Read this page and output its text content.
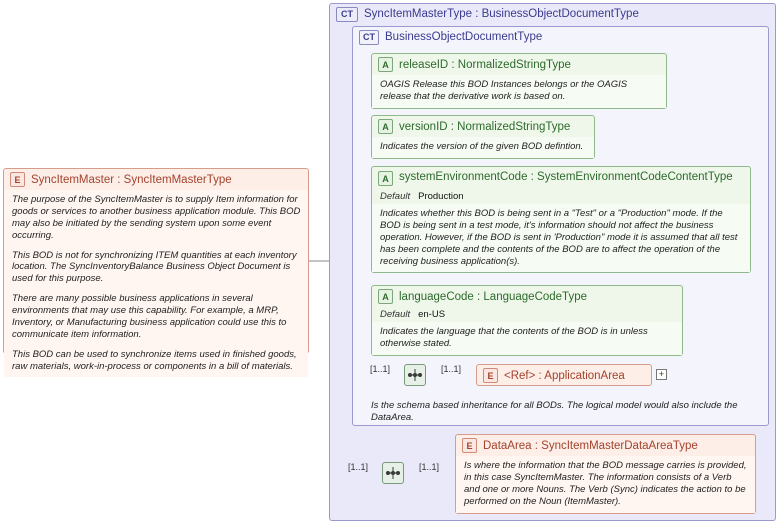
CT SyncItemMasterType : BusinessObjectDocumentType
CT BusinessObjectDocumentType
E SyncItemMaster : SyncItemMasterType

The purpose of the SyncItemMaster is to supply Item information for goods or services to another business application module. This BOD may also be initiated by the sending system upon some event occurring.

This BOD is not for synchronizing ITEM quantities at each inventory location. The SyncInventoryBalance Business Object Document is used for this purpose.

There are many possible business applications in several environments that may use this capability. For example, a MRP, Inventory, or Manufacturing business application could use this to communicate item information.

This BOD can be used to synchronize items used in finished goods, raw materials, work-in-process or components in a bill of materials.

A releaseID : NormalizedStringType
OAGIS Release this BOD Instances belongs or the OAGIS release that the derivative work is based on.
A versionID : NormalizedStringType
Indicates the version of the given BOD defintion.
A systemEnvironmentCode : SystemEnvironmentCodeContentType
Default Production
Indicates whether this BOD is being sent in a "Test" or a "Production" mode. If the BOD is being sent in a test mode, it's information should not affect the business operation. However, if the BOD is sent in 'Production" mode it is assumed that all test has been complete and the contents of the BOD are to affect the operation of the receiving business application(s).
A languageCode : LanguageCodeType
Default en-US
Indicates the language that the contents of the BOD is in unless otherwise stated.
[1..1]	[1..1]
E <Ref> : ApplicationArea	+
Is the schema based inheritance for all BODs. The logical model would also include the DataArea.
[1..1]	[1..1]
E DataArea : SyncItemMasterDataAreaType
Is where the information that the BOD message carries is provided, in this case SyncItemMaster. The information consists of a Verb and one or more Nouns. The Verb (Sync) indicates the action to be performed on the Noun (ItemMaster).
